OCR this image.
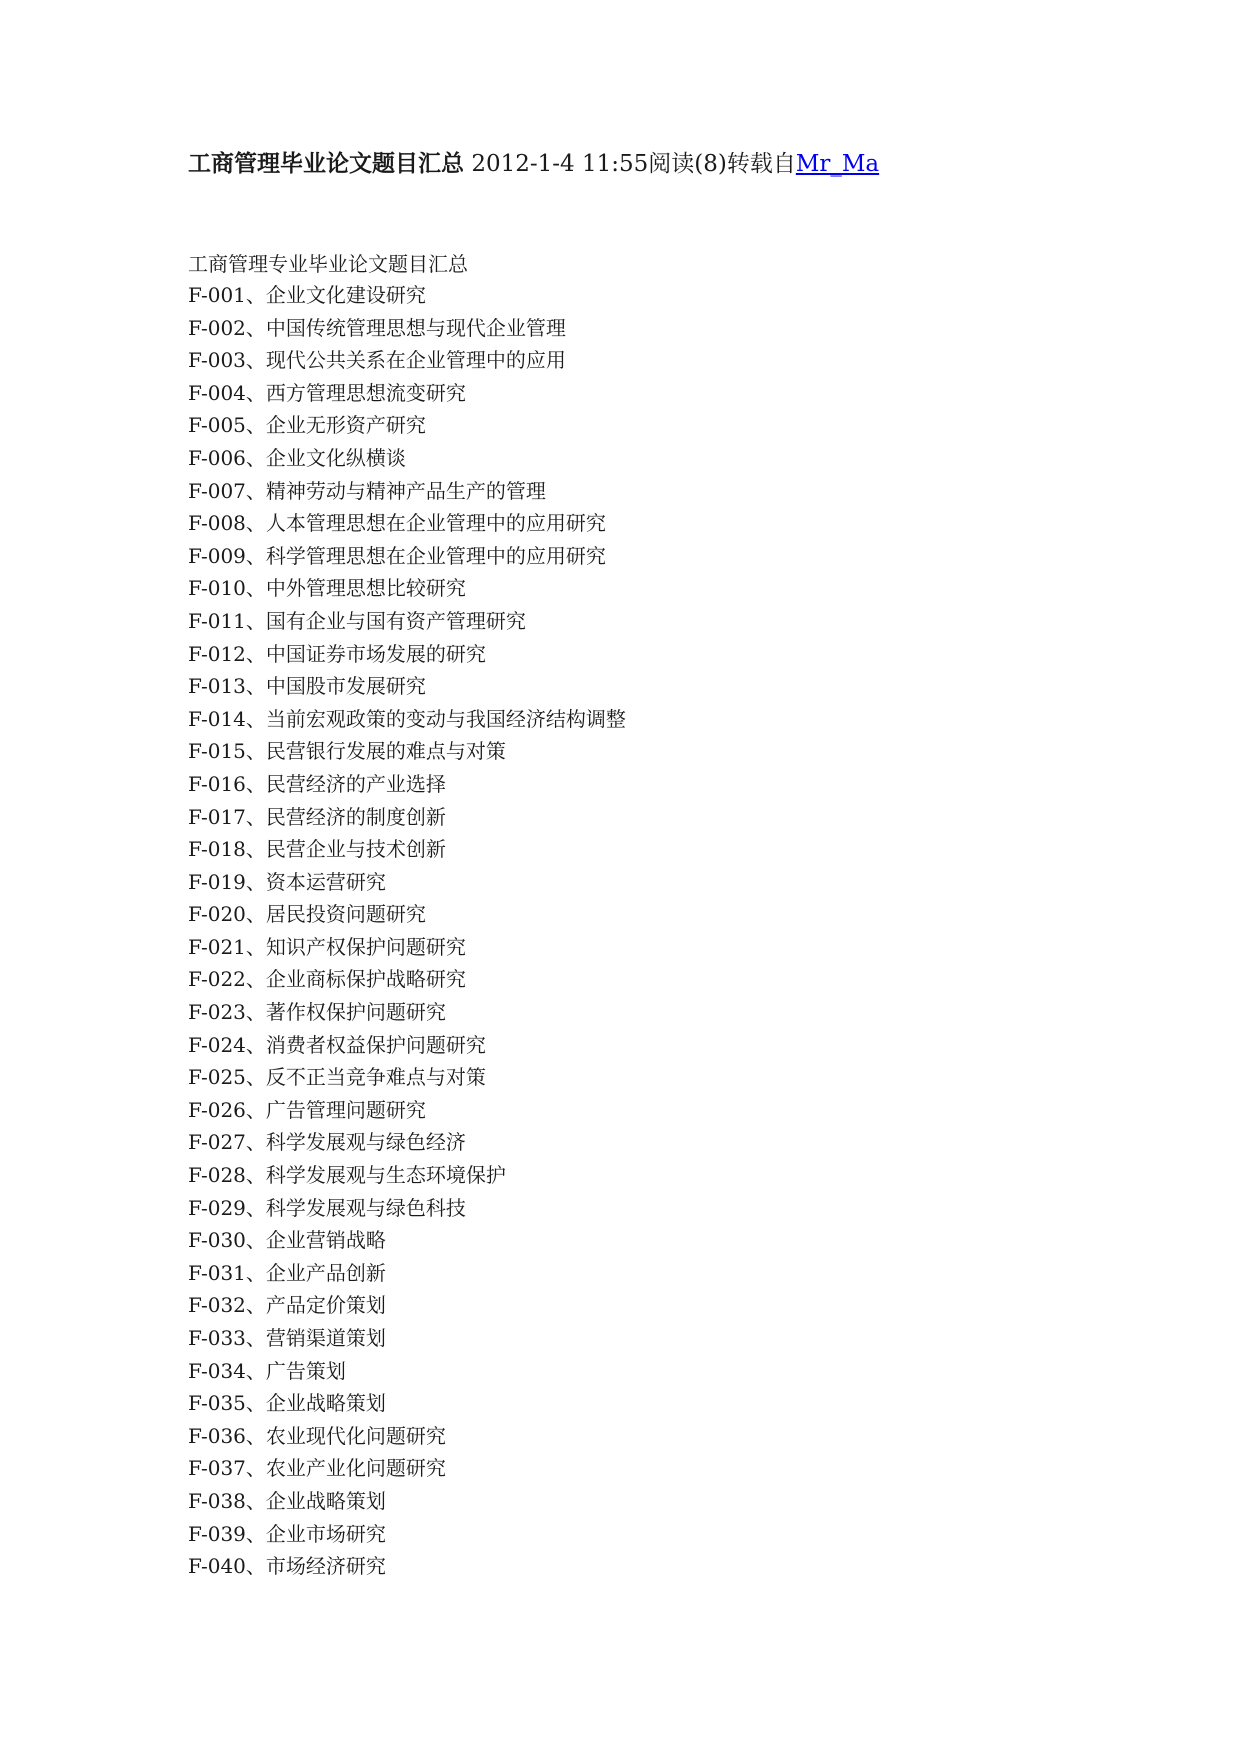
工商管理毕业论文题目汇总 2012-1-4 11:55阅读(8)转载自Mr_Ma
工商管理专业毕业论文题目汇总
F-001、企业文化建设研究
F-002、中国传统管理思想与现代企业管理
F-003、现代公共关系在企业管理中的应用
F-004、西方管理思想流变研究
F-005、企业无形资产研究
F-006、企业文化纵横谈
F-007、精神劳动与精神产品生产的管理
F-008、人本管理思想在企业管理中的应用研究
F-009、科学管理思想在企业管理中的应用研究
F-010、中外管理思想比较研究
F-011、国有企业与国有资产管理研究
F-012、中国证券市场发展的研究
F-013、中国股市发展研究
F-014、当前宏观政策的变动与我国经济结构调整
F-015、民营银行发展的难点与对策
F-016、民营经济的产业选择
F-017、民营经济的制度创新
F-018、民营企业与技术创新
F-019、资本运营研究
F-020、居民投资问题研究
F-021、知识产权保护问题研究
F-022、企业商标保护战略研究
F-023、著作权保护问题研究
F-024、消费者权益保护问题研究
F-025、反不正当竞争难点与对策
F-026、广告管理问题研究
F-027、科学发展观与绿色经济
F-028、科学发展观与生态环境保护
F-029、科学发展观与绿色科技
F-030、企业营销战略
F-031、企业产品创新
F-032、产品定价策划
F-033、营销渠道策划
F-034、广告策划
F-035、企业战略策划
F-036、农业现代化问题研究
F-037、农业产业化问题研究
F-038、企业战略策划
F-039、企业市场研究
F-040、市场经济研究
